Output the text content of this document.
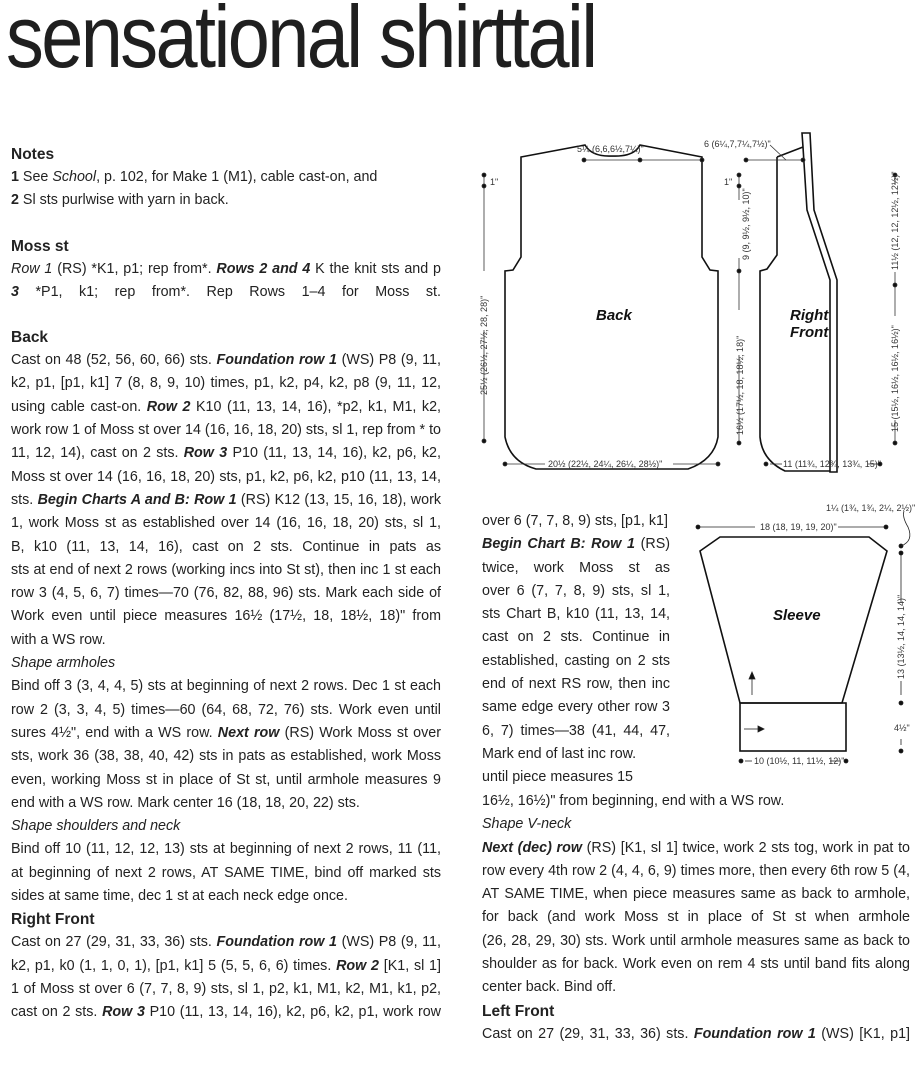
sensational shirttail
Notes
1 See School, p. 102, for Make 1 (M1), cable cast-on, and
2 Sl sts purlwise with yarn in back.
Moss st
Row 1 (RS) *K1, p1; rep from*. Rows 2 and 4 K the knit sts and p
3 *P1, k1; rep from*. Rep Rows 1–4 for Moss st.
Back
Cast on 48 (52, 56, 60, 66) sts. Foundation row 1 (WS) P8 (9, 11,
k2, p1, [p1, k1] 7 (8, 8, 9, 10) times, p1, k2, p4, k2, p8 (9, 11, 12,
using cable cast-on. Row 2 K10 (11, 13, 14, 16), *p2, k1, M1, k2,
work row 1 of Moss st over 14 (16, 16, 18, 20) sts, sl 1, rep from * to
11, 12, 14), cast on 2 sts. Row 3 P10 (11, 13, 14, 16), k2, p6, k2,
Moss st over 14 (16, 16, 18, 20) sts, p1, k2, p6, k2, p10 (11, 13, 14,
sts. Begin Charts A and B: Row 1 (RS) K12 (13, 15, 16, 18), work
1, work Moss st as established over 14 (16, 16, 18, 20) sts, sl 1,
B, k10 (11, 13, 14, 16), cast on 2 sts. Continue in pats as
sts at end of next 2 rows (working incs into St st), then inc 1 st each
row 3 (4, 5, 6, 7) times—70 (76, 82, 88, 96) sts. Mark each side of
Work even until piece measures 16½ (17½, 18, 18½, 18)" from
with a WS row.
Shape armholes
Bind off 3 (3, 4, 4, 5) sts at beginning of next 2 rows. Dec 1 st each
row 2 (3, 3, 4, 5) times—60 (64, 68, 72, 76) sts. Work even until
sures 4½", end with a WS row. Next row (RS) Work Moss st over
sts, work 36 (38, 38, 40, 42) sts in pats as established, work Moss
even, working Moss st in place of St st, until armhole measures 9
end with a WS row. Mark center 16 (18, 18, 20, 22) sts.
Shape shoulders and neck
Bind off 10 (11, 12, 12, 13) sts at beginning of next 2 rows, 11 (11,
at beginning of next 2 rows, AT SAME TIME, bind off marked sts
sides at same time, dec 1 st at each neck edge once.
Right Front
Cast on 27 (29, 31, 33, 36) sts. Foundation row 1 (WS) P8 (9, 11,
k2, p1, k0 (1, 1, 0, 1), [p1, k1] 5 (5, 5, 6, 6) times. Row 2 [K1, sl 1]
1 of Moss st over 6 (7, 7, 8, 9) sts, sl 1, p2, k1, M1, k2, M1, k1, p2,
cast on 2 sts. Row 3 P10 (11, 13, 14, 16), k2, p6, k2, p1, work row
over 6 (7, 7, 8, 9) sts, [p1, k1]
Begin Chart B: Row 1 (RS)
twice, work Moss st as
over 6 (7, 7, 8, 9) sts, sl 1,
sts Chart B, k10 (11, 13, 14,
cast on 2 sts. Continue in
established, casting on 2 sts
end of next RS row, then inc
same edge every other row 3
6, 7) times—38 (41, 44, 47,
Mark end of last inc row.
until piece measures 15
16½, 16½)" from beginning, end with a WS row.
Shape V-neck
Next (dec) row (RS) [K1, sl 1] twice, work 2 sts tog, work in pat to
row every 4th row 2 (4, 4, 6, 9) times more, then every 6th row 5 (4,
AT SAME TIME, when piece measures same as back to armhole,
for back (and work Moss st in place of St st when armhole
(26, 28, 29, 30) sts. Work until armhole measures same as back to
shoulder as for back. Work even on rem 4 sts until band fits along
center back. Bind off.
Left Front
Cast on 27 (29, 31, 33, 36) sts. Foundation row 1 (WS) [K1, p1]
5¼ (6,6,6½,7¼)"	6 (6¼,7,7¼,7½)"
1"	1"
25½ (26½, 27½, 28, 28)"
9 (9, 9½, 9½, 10)"
16½ (17½, 18, 18½, 18)"
11½ (12, 12, 12½, 12½)"
15 (15½, 16½, 16½, 16½)"
20½ (22½, 24¼, 26¼, 28½)"	11 (11¾, 12¾, 13¾, 15)"
Back	Right
Front
18 (18, 19, 19, 20)"
1¼ (1¾, 1¾, 2¼, 2½)"
13 (13½, 14, 14, 14)"
4½"
10 (10½, 11, 11½, 12)"
Sleeve
